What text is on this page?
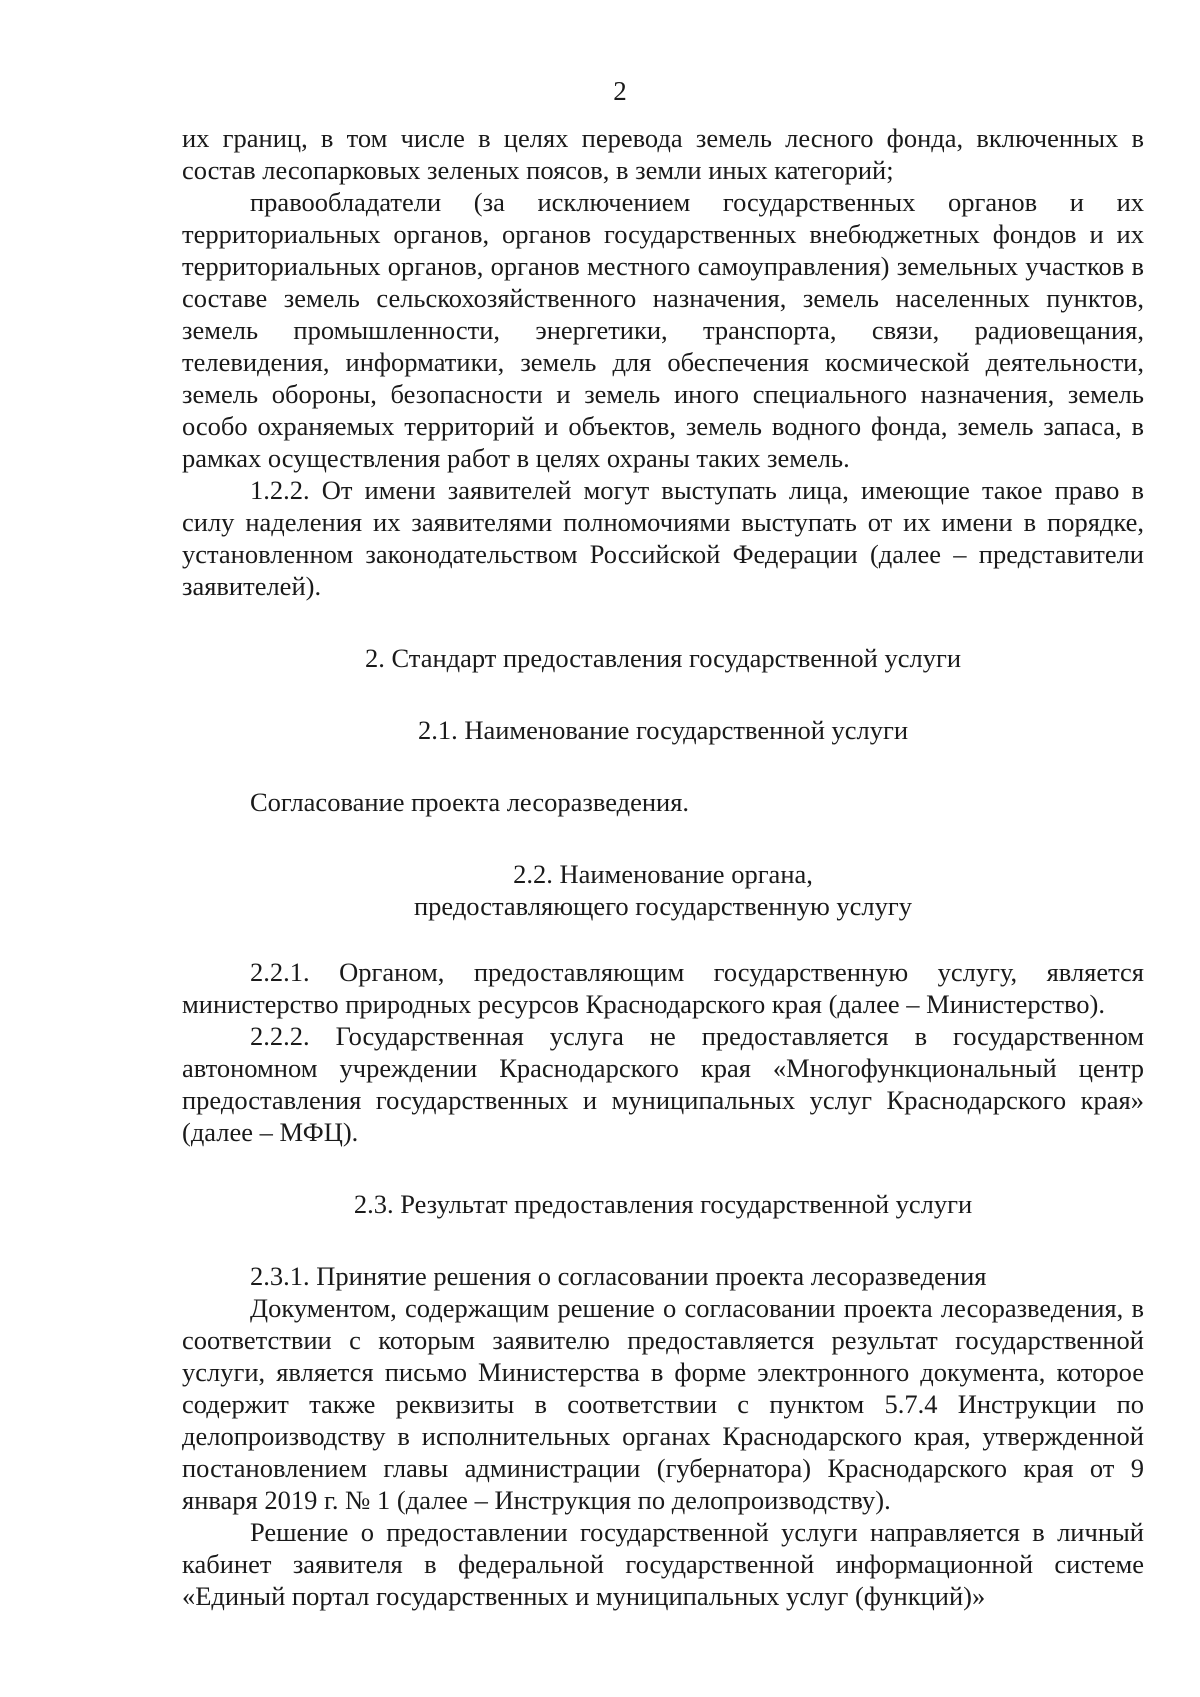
2

их границ, в том числе в целях перевода земель лесного фонда, включенных в состав лесопарковых зеленых поясов, в земли иных категорий;

правообладатели (за исключением государственных органов и их территориальных органов, органов государственных внебюджетных фондов и их территориальных органов, органов местного самоуправления) земельных участков в составе земель сельскохозяйственного назначения, земель населенных пунктов, земель промышленности, энергетики, транспорта, связи, радиовещания, телевидения, информатики, земель для обеспечения космической деятельности, земель обороны, безопасности и земель иного специального назначения, земель особо охраняемых территорий и объектов, земель водного фонда, земель запаса, в рамках осуществления работ в целях охраны таких земель.

1.2.2. От имени заявителей могут выступать лица, имеющие такое право в силу наделения их заявителями полномочиями выступать от их имени в порядке, установленном законодательством Российской Федерации (далее – представители заявителей).

2. Стандарт предоставления государственной услуги

2.1. Наименование государственной услуги

Согласование проекта лесоразведения.

2.2. Наименование органа,

предоставляющего государственную услугу

2.2.1. Органом, предоставляющим государственную услугу, является министерство природных ресурсов Краснодарского края (далее – Министерство).

2.2.2. Государственная услуга не предоставляется в государственном автономном учреждении Краснодарского края «Многофункциональный центр предоставления государственных и муниципальных услуг Краснодарского края» (далее – МФЦ).

2.3. Результат предоставления государственной услуги

2.3.1. Принятие решения о согласовании проекта лесоразведения

Документом, содержащим решение о согласовании проекта лесоразведения, в соответствии с которым заявителю предоставляется результат государственной услуги, является письмо Министерства в форме электронного документа, которое содержит также реквизиты в соответствии с пунктом 5.7.4 Инструкции по делопроизводству в исполнительных органах Краснодарского края, утвержденной постановлением главы администрации (губернатора) Краснодарского края от 9 января 2019 г. № 1 (далее – Инструкция по делопроизводству).

Решение о предоставлении государственной услуги направляется в личный кабинет заявителя в федеральной государственной информационной системе «Единый портал государственных и муниципальных услуг (функций)»
